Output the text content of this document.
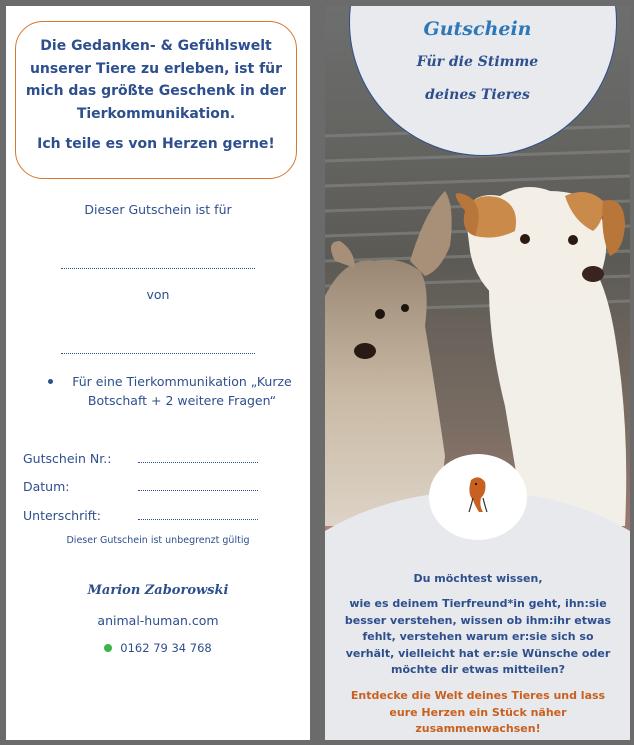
Die Gedanken- & Gefühlswelt unserer Tiere zu erleben, ist für mich das größte Geschenk in der Tierkommunikation.

Ich teile es von Herzen gerne!

Dieser Gutschein ist für
von
Für eine Tierkommunikation „Kurze Botschaft + 2 weitere Fragen“
Gutschein Nr.:
Datum:
Unterschrift:
Dieser Gutschein ist unbegrenzt gültig
Marion Zaborowski
animal-human.com
0162 79 34 768
Gutschein
Für die Stimme
deines Tieres
Du möchtest wissen,
wie es deinem Tierfreund*in geht, ihn:sie besser verstehen, wissen ob ihm:ihr etwas fehlt, verstehen warum er:sie sich so verhält, vielleicht hat er:sie Wünsche oder möchte dir etwas mitteilen?
Entdecke die Welt deines Tieres und lass eure Herzen ein Stück näher zusammenwachsen!
